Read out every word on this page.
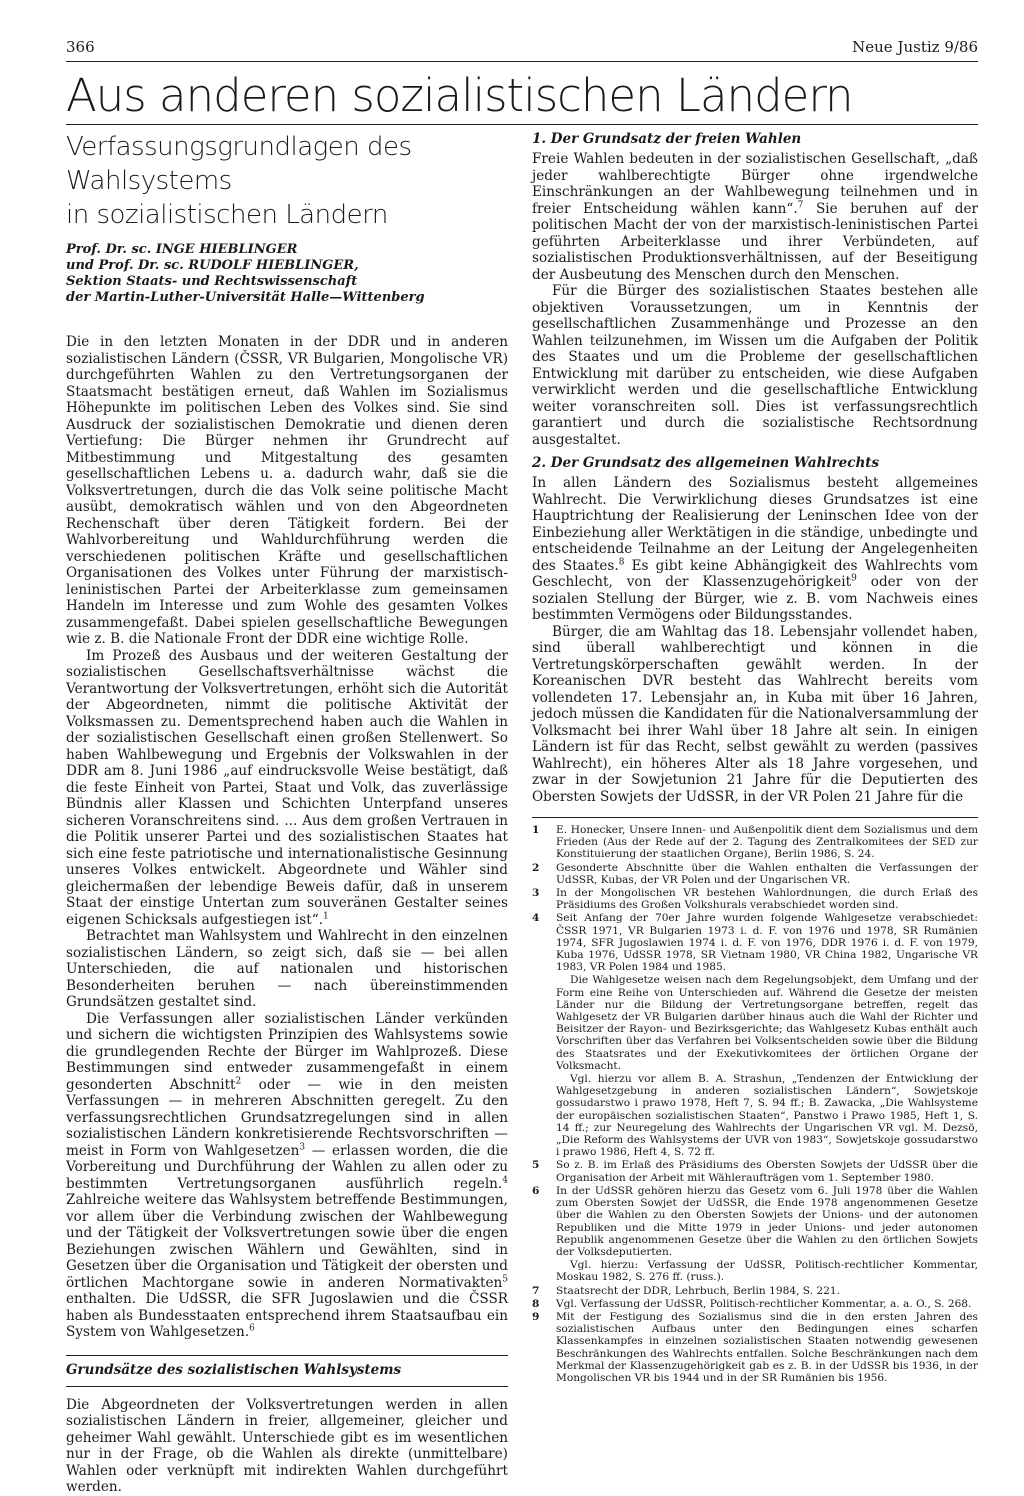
366	Neue Justiz 9/86
Aus anderen sozialistischen Ländern
Verfassungsgrundlagen des Wahlsystems
in sozialistischen Ländern
Prof. Dr. sc. INGE HIEBLINGER
und Prof. Dr. sc. RUDOLF HIEBLINGER,
Sektion Staats- und Rechtswissenschaft
der Martin-Luther-Universität Halle—Wittenberg

Die in den letzten Monaten in der DDR und in anderen sozialistischen Ländern (ČSSR, VR Bulgarien, Mongolische VR) durchgeführten Wahlen zu den Vertretungsorganen der Staatsmacht bestätigen erneut, daß Wahlen im Sozialismus Höhepunkte im politischen Leben des Volkes sind. Sie sind Ausdruck der sozialistischen Demokratie und dienen deren Vertiefung: Die Bürger nehmen ihr Grundrecht auf Mitbestimmung und Mitgestaltung des gesamten gesellschaftlichen Lebens u. a. dadurch wahr, daß sie die Volksvertretungen, durch die das Volk seine politische Macht ausübt, demokratisch wählen und von den Abgeordneten Rechenschaft über deren Tätigkeit fordern. Bei der Wahlvorbereitung und Wahldurchführung werden die verschiedenen politischen Kräfte und gesellschaftlichen Organisationen des Volkes unter Führung der marxistisch-leninistischen Partei der Arbeiterklasse zum gemeinsamen Handeln im Interesse und zum Wohle des gesamten Volkes zusammengefaßt. Dabei spielen gesellschaftliche Bewegungen wie z. B. die Nationale Front der DDR eine wichtige Rolle.

Im Prozeß des Ausbaus und der weiteren Gestaltung der sozialistischen Gesellschaftsverhältnisse wächst die Verantwortung der Volksvertretungen, erhöht sich die Autorität der Abgeordneten, nimmt die politische Aktivität der Volksmassen zu. Dementsprechend haben auch die Wahlen in der sozialistischen Gesellschaft einen großen Stellenwert. So haben Wahlbewegung und Ergebnis der Volkswahlen in der DDR am 8. Juni 1986 „auf eindrucksvolle Weise bestätigt, daß die feste Einheit von Partei, Staat und Volk, das zuverlässige Bündnis aller Klassen und Schichten Unterpfand unseres sicheren Voranschreitens sind. ... Aus dem großen Vertrauen in die Politik unserer Partei und des sozialistischen Staates hat sich eine feste patriotische und internationalistische Gesinnung unseres Volkes entwickelt. Abgeordnete und Wähler sind gleichermaßen der lebendige Beweis dafür, daß in unserem Staat der einstige Untertan zum souveränen Gestalter seines eigenen Schicksals aufgestiegen ist“.$^1$

Betrachtet man Wahlsystem und Wahlrecht in den einzelnen sozialistischen Ländern, so zeigt sich, daß sie — bei allen Unterschieden, die auf nationalen und historischen Besonderheiten beruhen — nach übereinstimmenden Grundsätzen gestaltet sind.

Die Verfassungen aller sozialistischen Länder verkünden und sichern die wichtigsten Prinzipien des Wahlsystems sowie die grundlegenden Rechte der Bürger im Wahlprozeß. Diese Bestimmungen sind entweder zusammengefaßt in einem gesonderten Abschnitt$^2$ oder — wie in den meisten Verfassungen — in mehreren Abschnitten geregelt. Zu den verfassungsrechtlichen Grundsatzregelungen sind in allen sozialistischen Ländern konkretisierende Rechtsvorschriften — meist in Form von Wahlgesetzen$^3$ — erlassen worden, die die Vorbereitung und Durchführung der Wahlen zu allen oder zu bestimmten Vertretungsorganen ausführlich regeln.$^4$ Zahlreiche weitere das Wahlsystem betreffende Bestimmungen, vor allem über die Verbindung zwischen der Wahlbewegung und der Tätigkeit der Volksvertretungen sowie über die engen Beziehungen zwischen Wählern und Gewählten, sind in Gesetzen über die Organisation und Tätigkeit der obersten und örtlichen Machtorgane sowie in anderen Normativakten$^5$ enthalten. Die UdSSR, die SFR Jugoslawien und die ČSSR haben als Bundesstaaten entsprechend ihrem Staatsaufbau ein System von Wahlgesetzen.$^6$

Grundsätze des sozialistischen Wahlsystems

Die Abgeordneten der Volksvertretungen werden in allen sozialistischen Ländern in freier, allgemeiner, gleicher und geheimer Wahl gewählt. Unterschiede gibt es im wesentlichen nur in der Frage, ob die Wahlen als direkte (unmittelbare) Wahlen oder verknüpft mit indirekten Wahlen durchgeführt werden.

1. Der Grundsatz der freien Wahlen

Freie Wahlen bedeuten in der sozialistischen Gesellschaft, „daß jeder wahlberechtigte Bürger ohne irgendwelche Einschränkungen an der Wahlbewegung teilnehmen und in freier Entscheidung wählen kann“.$^7$ Sie beruhen auf der politischen Macht der von der marxistisch-leninistischen Partei geführten Arbeiterklasse und ihrer Verbündeten, auf sozialistischen Produktionsverhältnissen, auf der Beseitigung der Ausbeutung des Menschen durch den Menschen.

Für die Bürger des sozialistischen Staates bestehen alle objektiven Voraussetzungen, um in Kenntnis der gesellschaftlichen Zusammenhänge und Prozesse an den Wahlen teilzunehmen, im Wissen um die Aufgaben der Politik des Staates und um die Probleme der gesellschaftlichen Entwicklung mit darüber zu entscheiden, wie diese Aufgaben verwirklicht werden und die gesellschaftliche Entwicklung weiter voranschreiten soll. Dies ist verfassungsrechtlich garantiert und durch die sozialistische Rechtsordnung ausgestaltet.

2. Der Grundsatz des allgemeinen Wahlrechts

In allen Ländern des Sozialismus besteht allgemeines Wahlrecht. Die Verwirklichung dieses Grundsatzes ist eine Hauptrichtung der Realisierung der Leninschen Idee von der Einbeziehung aller Werktätigen in die ständige, unbedingte und entscheidende Teilnahme an der Leitung der Angelegenheiten des Staates.$^8$ Es gibt keine Abhängigkeit des Wahlrechts vom Geschlecht, von der Klassenzugehörigkeit$^9$ oder von der sozialen Stellung der Bürger, wie z. B. vom Nachweis eines bestimmten Vermögens oder Bildungsstandes.

Bürger, die am Wahltag das 18. Lebensjahr vollendet haben, sind überall wahlberechtigt und können in die Vertretungskörperschaften gewählt werden. In der Koreanischen DVR besteht das Wahlrecht bereits vom vollendeten 17. Lebensjahr an, in Kuba mit über 16 Jahren, jedoch müssen die Kandidaten für die Nationalversammlung der Volksmacht bei ihrer Wahl über 18 Jahre alt sein. In einigen Ländern ist für das Recht, selbst gewählt zu werden (passives Wahlrecht), ein höheres Alter als 18 Jahre vorgesehen, und zwar in der Sowjetunion 21 Jahre für die Deputierten des Obersten Sowjets der UdSSR, in der VR Polen 21 Jahre für die

1	E. Honecker, Unsere Innen- und Außenpolitik dient dem Sozialismus und dem Frieden (Aus der Rede auf der 2. Tagung des Zentralkomitees der SED zur Konstituierung der staatlichen Organe), Berlin 1986, S. 24.
2	Gesonderte Abschnitte über die Wahlen enthalten die Verfassungen der UdSSR, Kubas, der VR Polen und der Ungarischen VR.
3	In der Mongolischen VR bestehen Wahlordnungen, die durch Erlaß des Präsidiums des Großen Volkshurals verabschiedet worden sind.
4	Seit Anfang der 70er Jahre wurden folgende Wahlgesetze verabschiedet: ČSSR 1971, VR Bulgarien 1973 i. d. F. von 1976 und 1978, SR Rumänien 1974, SFR Jugoslawien 1974 i. d. F. von 1976, DDR 1976 i. d. F. von 1979, Kuba 1976, UdSSR 1978, SR Vietnam 1980, VR China 1982, Ungarische VR 1983, VR Polen 1984 und 1985.
Die Wahlgesetze weisen nach dem Regelungsobjekt, dem Umfang und der Form eine Reihe von Unterschieden auf. Während die Gesetze der meisten Länder nur die Bildung der Vertretungsorgane betreffen, regelt das Wahlgesetz der VR Bulgarien darüber hinaus auch die Wahl der Richter und Beisitzer der Rayon- und Bezirksgerichte; das Wahlgesetz Kubas enthält auch Vorschriften über das Verfahren bei Volksentscheiden sowie über die Bildung des Staatsrates und der Exekutivkomitees der örtlichen Organe der Volksmacht.
Vgl. hierzu vor allem B. A. Strashun, „Tendenzen der Entwicklung der Wahlgesetzgebung in anderen sozialistischen Ländern“, Sowjetskoje gossudarstwo i prawo 1978, Heft 7, S. 94 ff.; B. Zawacka, „Die Wahlsysteme der europäischen sozialistischen Staaten“, Panstwo i Prawo 1985, Heft 1, S. 14 ff.; zur Neuregelung des Wahlrechts der Ungarischen VR vgl. M. Dezsö, „Die Reform des Wahlsystems der UVR von 1983“, Sowjetskoje gossudarstwo i prawo 1986, Heft 4, S. 72 ff.
5	So z. B. im Erlaß des Präsidiums des Obersten Sowjets der UdSSR über die Organisation der Arbeit mit Wähleraufträgen vom 1. September 1980.
6	In der UdSSR gehören hierzu das Gesetz vom 6. Juli 1978 über die Wahlen zum Obersten Sowjet der UdSSR, die Ende 1978 angenommenen Gesetze über die Wahlen zu den Obersten Sowjets der Unions- und der autonomen Republiken und die Mitte 1979 in jeder Unions- und jeder autonomen Republik angenommenen Gesetze über die Wahlen zu den örtlichen Sowjets der Volksdeputierten.
Vgl. hierzu: Verfassung der UdSSR, Politisch-rechtlicher Kommentar, Moskau 1982, S. 276 ff. (russ.).
7	Staatsrecht der DDR, Lehrbuch, Berlin 1984, S. 221.
8	Vgl. Verfassung der UdSSR, Politisch-rechtlicher Kommentar, a. a. O., S. 268.
9	Mit der Festigung des Sozialismus sind die in den ersten Jahren des sozialistischen Aufbaus unter den Bedingungen eines scharfen Klassenkampfes in einzelnen sozialistischen Staaten notwendig gewesenen Beschränkungen des Wahlrechts entfallen. Solche Beschränkungen nach dem Merkmal der Klassenzugehörigkeit gab es z. B. in der UdSSR bis 1936, in der Mongolischen VR bis 1944 und in der SR Rumänien bis 1956.
